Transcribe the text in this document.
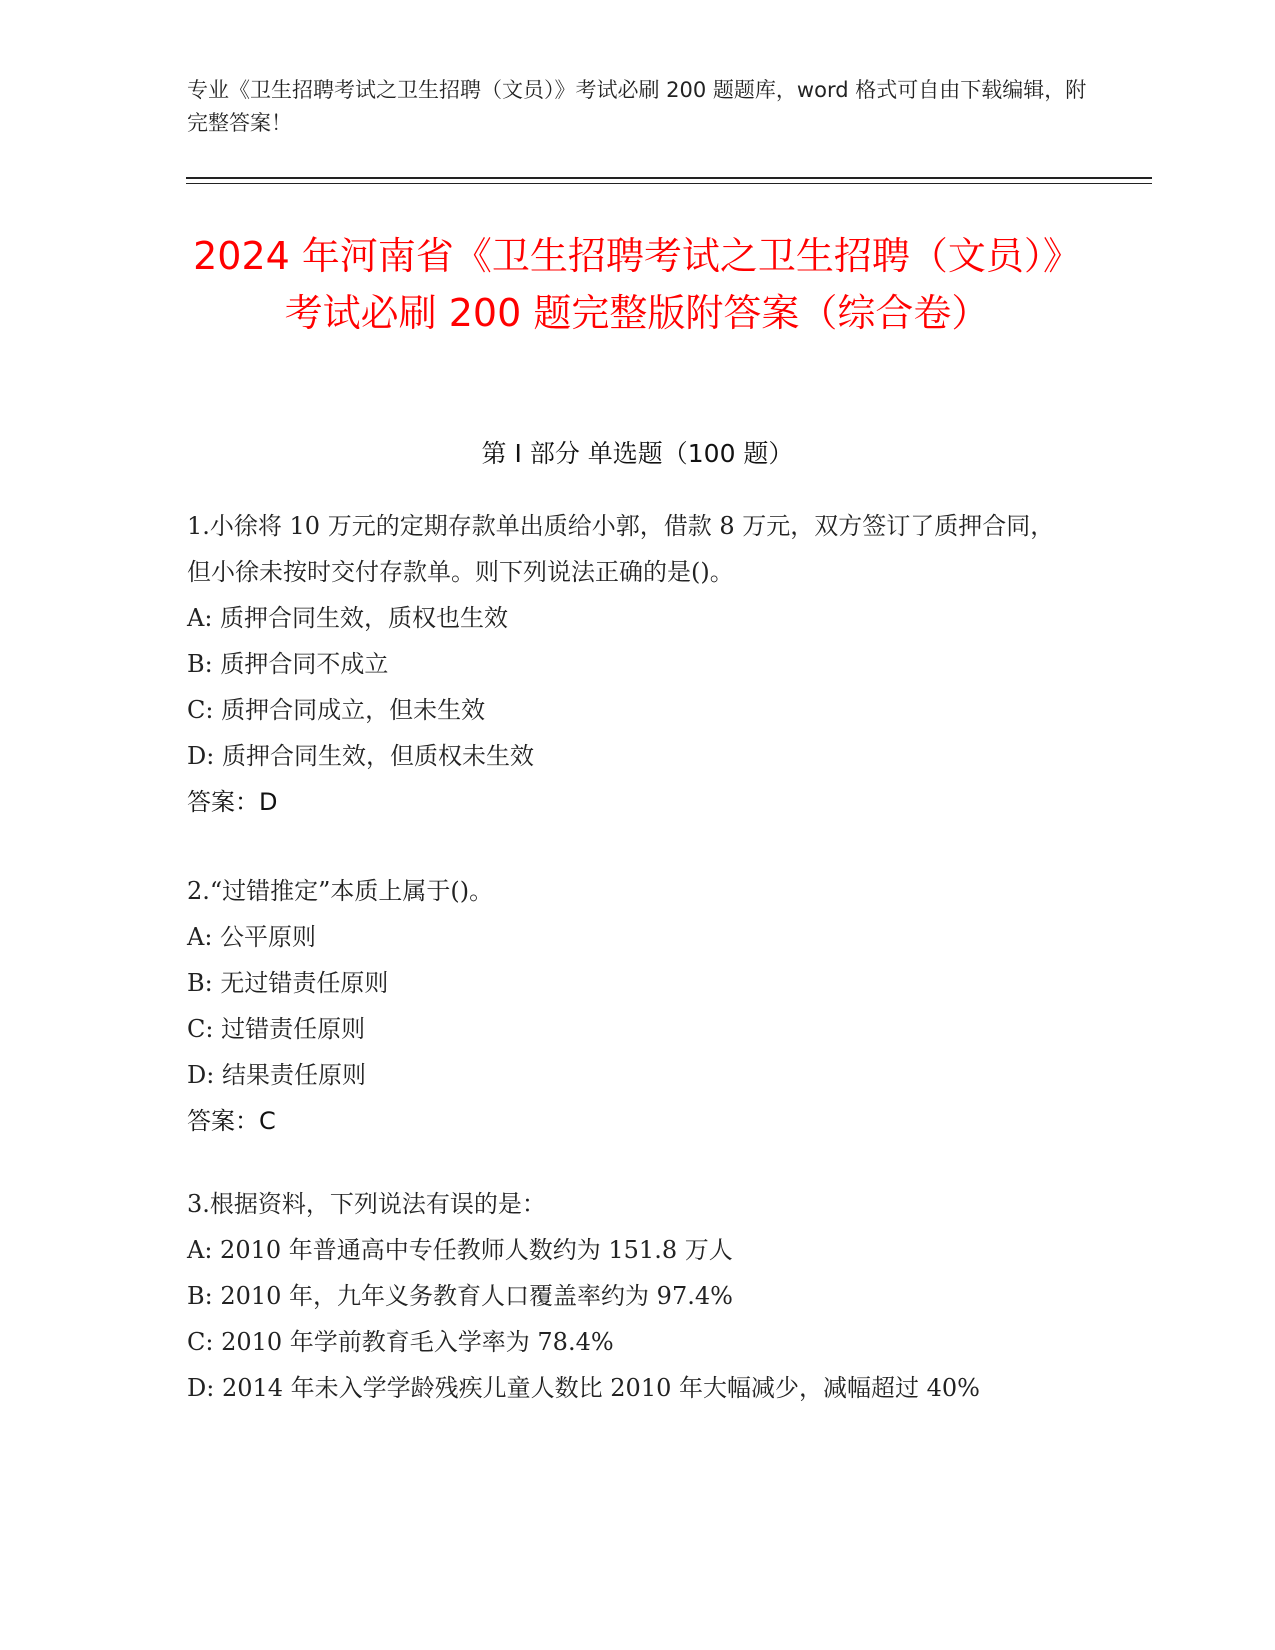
专业《卫生招聘考试之卫生招聘（文员）》考试必刷 200 题题库，word 格式可自由下载编辑，附完整答案！
2024 年河南省《卫生招聘考试之卫生招聘（文员）》考试必刷 200 题完整版附答案（综合卷）
第 I 部分 单选题（100 题）
1.小徐将 10 万元的定期存款单出质给小郭，借款 8 万元，双方签订了质押合同，但小徐未按时交付存款单。则下列说法正确的是()。
A: 质押合同生效，质权也生效
B: 质押合同不成立
C: 质押合同成立，但未生效
D: 质押合同生效，但质权未生效
答案：D
2.“过错推定”本质上属于()。
A: 公平原则
B: 无过错责任原则
C: 过错责任原则
D: 结果责任原则
答案：C
3.根据资料，下列说法有误的是：
A: 2010 年普通高中专任教师人数约为 151.8 万人
B: 2010 年，九年义务教育人口覆盖率约为 97.4%
C: 2010 年学前教育毛入学率为 78.4%
D: 2014 年未入学学龄残疾儿童人数比 2010 年大幅减少，减幅超过 40%
